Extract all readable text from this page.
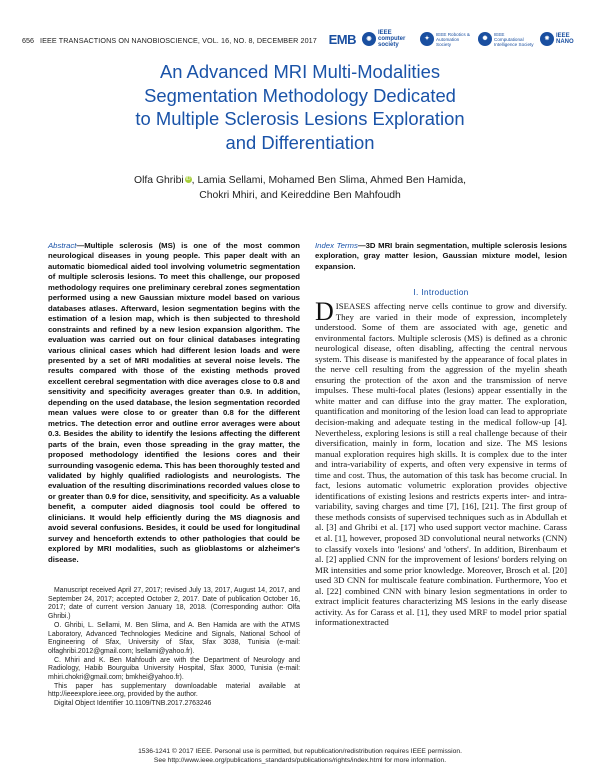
656 IEEE TRANSACTIONS ON NANOBIOSCIENCE, VOL. 16, NO. 8, DECEMBER 2017 EMB	◉
IEEE computer society
✦
IEEE Robotics & Automation Society
✺
IEEE Computational Intelligence Society
✸	IEEE NANO
An Advanced MRI Multi-Modalities
Segmentation Methodology Dedicated
to Multiple Sclerosis Lesions Exploration
and Differentiation
Olfa Ghribi iD, Lamia Sellami, Mohamed Ben Slima, Ahmed Ben Hamida,
Chokri Mhiri, and Keireddine Ben Mahfoudh
Abstract—Multiple sclerosis (MS) is one of the most common neurological diseases in young people. This paper dealt with an automatic biomedical aided tool involving volumetric segmentation of multiple sclerosis lesions. To meet this challenge, our proposed methodology requires one preliminary cerebral zones segmentation performed using a new Gaussian mixture model based on various databases atlases. Afterward, lesion segmentation begins with the estimation of a lesion map, which is then subjected to threshold constraints and refined by a new lesion expansion algorithm. The evaluation was carried out on four clinical databases integrating various clinical cases which had different lesion loads and were presented by a set of MRI modalities at several noise levels. The results compared with those of the existing methods proved excellent cerebral segmentation with dice averages close to 0.8 and sensitivity and specificity averages greater than 0.9. In addition, depending on the used database, the lesion segmentation recorded mean values were close to or greater than 0.8 for the different metrics. The detection error and outline error averages were about 0.3. Besides the ability to identify the lesions affecting the different parts of the brain, even those spreading in the gray matter, the proposed methodology identified the lesions cores and their surrounding vasogenic edema. This has been thoroughly tested and validated by highly qualified radiologists and neurologists. The evaluation of the resulting discriminations recorded values close to or greater than 0.9 for dice, sensitivity, and specificity. As a valuable benefit, a computer aided diagnosis tool could be offered to clinicians. It would help efficiently during the MS diagnosis and avoid several confusions. Besides, it could be used for longitudinal survey and henceforth extends to other pathologies that could be explored by MRI modalities, such as glioblastoms or alzheimer's disease.

Manuscript received April 27, 2017; revised July 13, 2017, August 14, 2017, and September 24, 2017; accepted October 2, 2017. Date of publication October 16, 2017; date of current version January 18, 2018. (Corresponding author: Olfa Ghribi.)

O. Ghribi, L. Sellami, M. Ben Slima, and A. Ben Hamida are with the ATMS Laboratory, Advanced Technologies Medicine and Signals, National School of Engineering of Sfax, University of Sfax, Sfax 3038, Tunisia (e-mail: olfaghribi.2012@gmail.com; lsellami@yahoo.fr).

C. Mhiri and K. Ben Mahfoudh are with the Department of Neurology and Radiology, Habib Bourguiba University Hospital, Sfax 3000, Tunisia (e-mail: mhiri.chokri@gmail.com; bmkhei@yahoo.fr).

This paper has supplementary downloadable material available at http://ieeexplore.ieee.org, provided by the author.

Digital Object Identifier 10.1109/TNB.2017.2763246

Index Terms—3D MRI brain segmentation, multiple sclerosis lesions exploration, gray matter lesion, Gaussian mixture model, lesion expansion.
I. Introduction
DISEASES affecting nerve cells continue to grow and diversify. They are varied in their mode of expression, incompletely understood. Some of them are associated with age, genetic and environmental factors. Multiple sclerosis (MS) is defined as a chronic neurological disease, often disabling, affecting the central nervous system. This disease is manifested by the appearance of focal plates in the nerve cell resulting from the aggression of the myelin sheath ensuring the protection of the axon and the transmission of nerve impulses. These multi-focal plates (lesions) appear essentially in the white matter and can diffuse into the gray matter. The exploration, quantification and monitoring of the lesion load can lead to appropriate decision-making and adequate testing in the medical follow-up [4]. Nevertheless, exploring lesions is still a real challenge because of their diversification, mainly in form, location and size. The MS lesions manual exploration requires high skills. It is complex due to the inter and intra-variability of experts, and often very expensive in terms of time and cost. Thus, the automation of this task has become crucial. In fact, lesions automatic volumetric exploration provides objective identifications of existing lesions and restricts experts inter- and intra-variability, saving charges and time [7], [16], [21]. The first group of these methods consists of supervised techniques such as in Abdullah et al. [3] and Ghribi et al. [17] who used support vector machine. Carass et al. [1], however, proposed 3D convolutional neural networks (CNN) to classify voxels into 'lesions' and 'others'. In addition, Birenbaum et al. [2] applied CNN for the improvement of lesions' borders relying on MR intensities and some prior knowledge. Moreover, Brosch et al. [20] used 3D CNN for multiscale feature combination. Furthermore, Yoo et al. [22] combined CNN with binary lesion segmentations in order to extract implicit features characterizing MS lesions in the early disease activity. As for Carass et al. [1], they used MRF to model prior spatial informationextracted
1536-1241 © 2017 IEEE. Personal use is permitted, but republication/redistribution requires IEEE permission.
See http://www.ieee.org/publications_standards/publications/rights/index.html for more information.
